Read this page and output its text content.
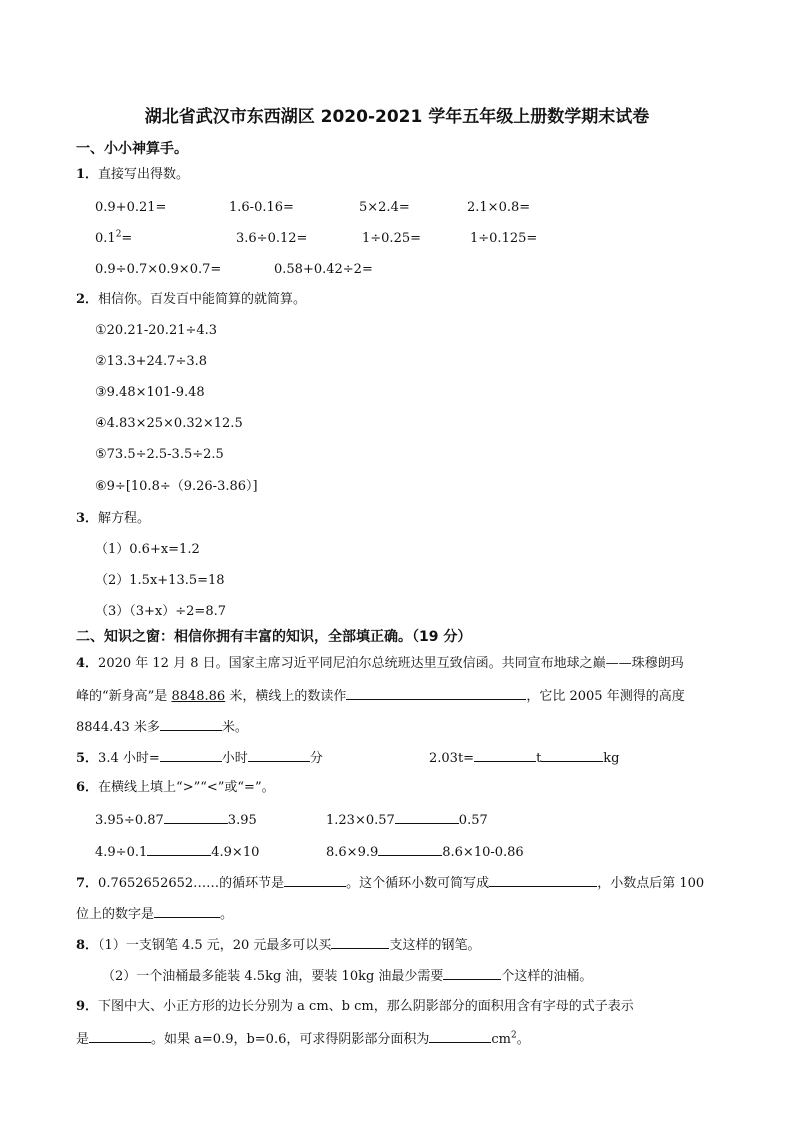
湖北省武汉市东西湖区 2020-2021 学年五年级上册数学期末试卷
一、小小神算手。
1．直接写出得数。
0.9+0.21=	1.6-0.16=	5×2.4=	2.1×0.8=
$0.1^2=$	3.6÷0.12=	1÷0.25=	1÷0.125=
0.9÷0.7×0.9×0.7=	0.58+0.42÷2=
2．相信你。百发百中能简算的就简算。
①20.21-20.21÷4.3
②13.3+24.7÷3.8
③9.48×101-9.48
④4.83×25×0.32×12.5
⑤73.5÷2.5-3.5÷2.5
⑥9÷[10.8÷（9.26-3.86）]
3．解方程。
（1）0.6+x=1.2
（2）1.5x+13.5=18
（3）（3+x）÷2=8.7
二、知识之窗：相信你拥有丰富的知识，全部填正确。（19 分）
4．2020 年 12 月 8 日。国家主席习近平同尼泊尔总统班达里互致信函。共同宣布地球之巅——珠穆朗玛
峰的“新身高”是 8848.86 米，横线上的数读作	，它比 2005 年测得的高度
8844.43 米多	米。
5．3.4 小时=	小时	分	2.03t=	t	kg
6．在横线上填上“>”“<”或“=”。
3.95÷0.87	3.95	1.23×0.57	0.57
4.9÷0.1	4.9×10	8.6×9.9	8.6×10-0.86
7．0.7652652652……的循环节是	。这个循环小数可简写成	，小数点后第 100
位上的数字是	。
8．（1）一支钢笔 4.5 元，20 元最多可以买	支这样的钢笔。
（2）一个油桶最多能装 4.5kg 油，要装 10kg 油最少需要	个这样的油桶。
9．下图中大、小正方形的边长分别为 a cm、b cm，那么阴影部分的面积用含有字母的式子表示
是	。如果 a=0.9，b=0.6，可求得阴影部分面积为	$cm^2$。
